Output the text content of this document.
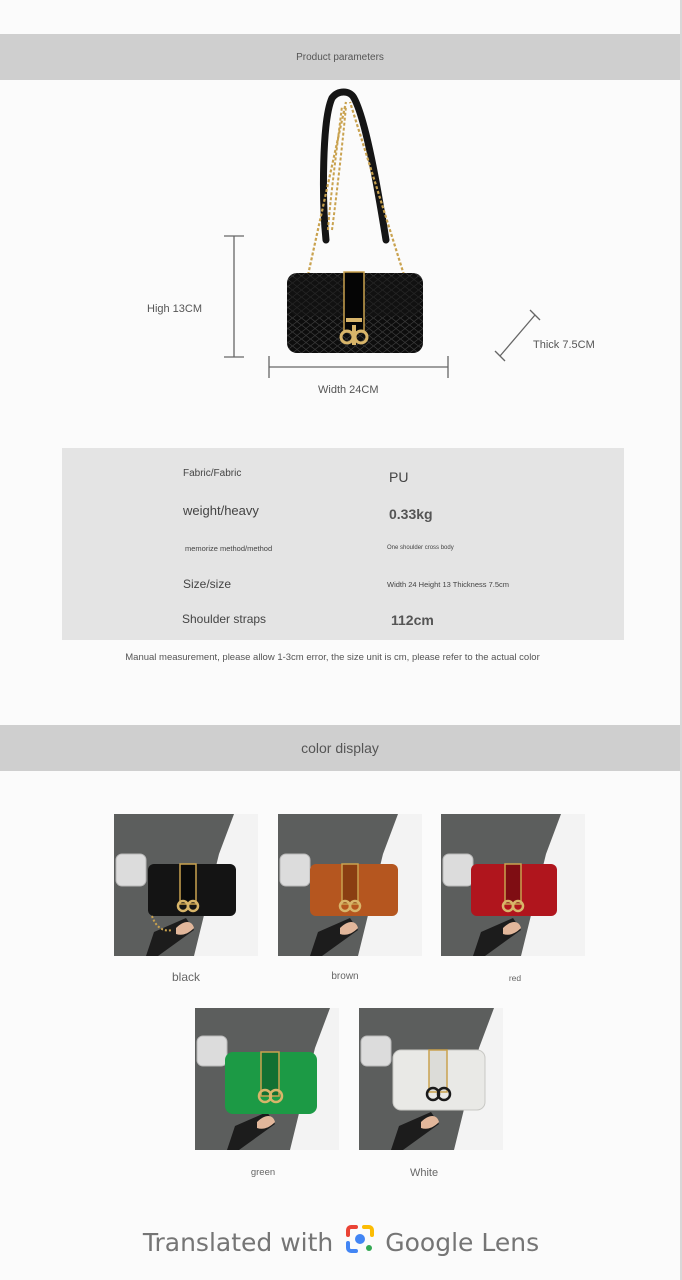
Product parameters
High 13CM
Width 24CM
Thick 7.5CM
Fabric/Fabric	PU
weight/heavy	0.33kg
memorize method/method	One shoulder cross body
Size/size	Width 24 Height 13 Thickness 7.5cm
Shoulder straps	112cm
Manual measurement, please allow 1-3cm error, the size unit is cm, please refer to the actual color
color display
black	brown	red
green	White
Translated with Google Lens
